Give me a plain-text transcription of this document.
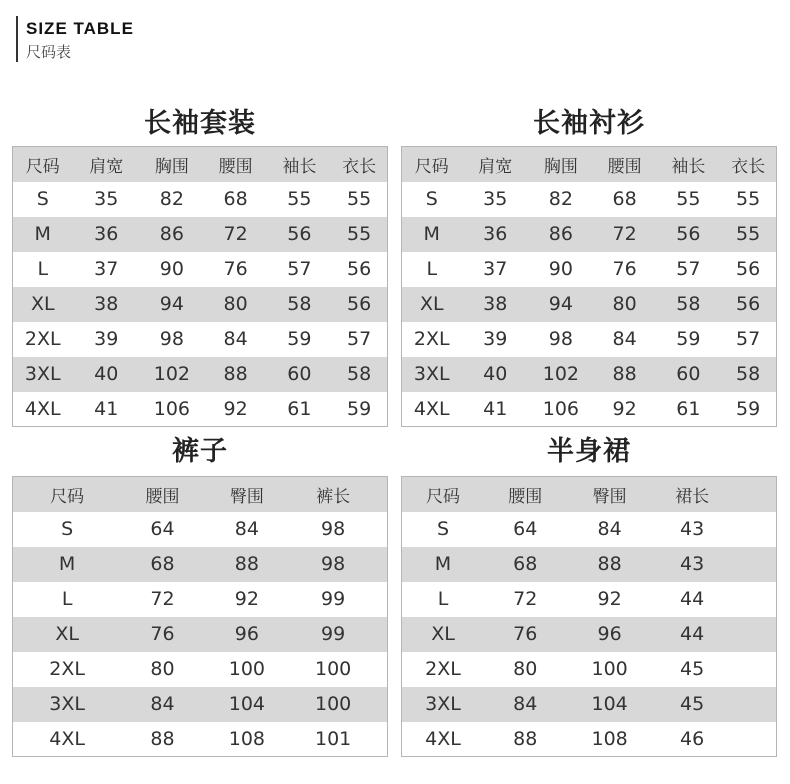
SIZE TABLE
尺码表
长袖套装
尺码	肩宽	胸围	腰围	袖长	衣长
S	35	82	68	55	55
M	36	86	72	56	55
L	37	90	76	57	56
XL	38	94	80	58	56
2XL	39	98	84	59	57
3XL	40	102	88	60	58
4XL	41	106	92	61	59
长袖衬衫
尺码	肩宽	胸围	腰围	袖长	衣长
S	35	82	68	55	55
M	36	86	72	56	55
L	37	90	76	57	56
XL	38	94	80	58	56
2XL	39	98	84	59	57
3XL	40	102	88	60	58
4XL	41	106	92	61	59
裤子
尺码	腰围	臀围	裤长	
S	64	84	98	
M	68	88	98	
L	72	92	99	
XL	76	96	99	
2XL	80	100	100	
3XL	84	104	100	
4XL	88	108	101	
半身裙
尺码	腰围	臀围	裙长	
S	64	84	43	
M	68	88	43	
L	72	92	44	
XL	76	96	44	
2XL	80	100	45	
3XL	84	104	45	
4XL	88	108	46	
